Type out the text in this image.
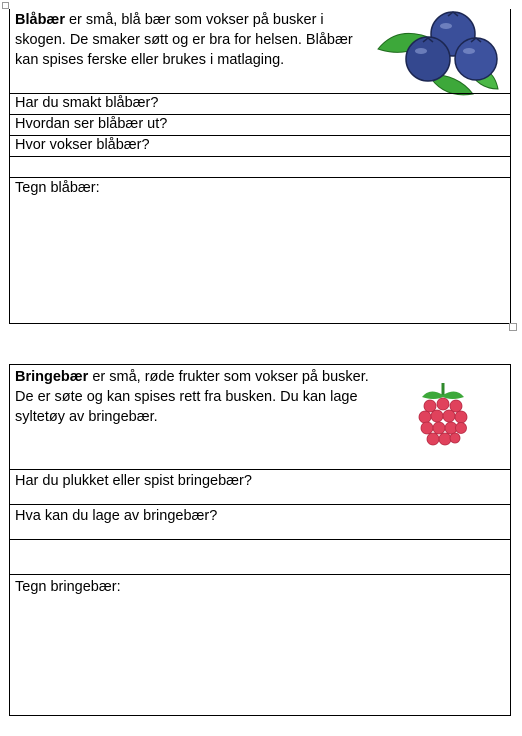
Blåbær er små, blå bær som vokser på busker i skogen. De smaker søtt og er bra for helsen. Blåbær kan spises ferske eller brukes i matlaging.
Har du smakt blåbær?
Hvordan ser blåbær ut?
Hvor vokser blåbær?
Tegn blåbær:
Bringebær er små, røde frukter som vokser på busker. De er søte og kan spises rett fra busken. Du kan lage syltetøy av bringebær.
Har du plukket eller spist bringebær?
Hva kan du lage av bringebær?
Tegn bringebær:
